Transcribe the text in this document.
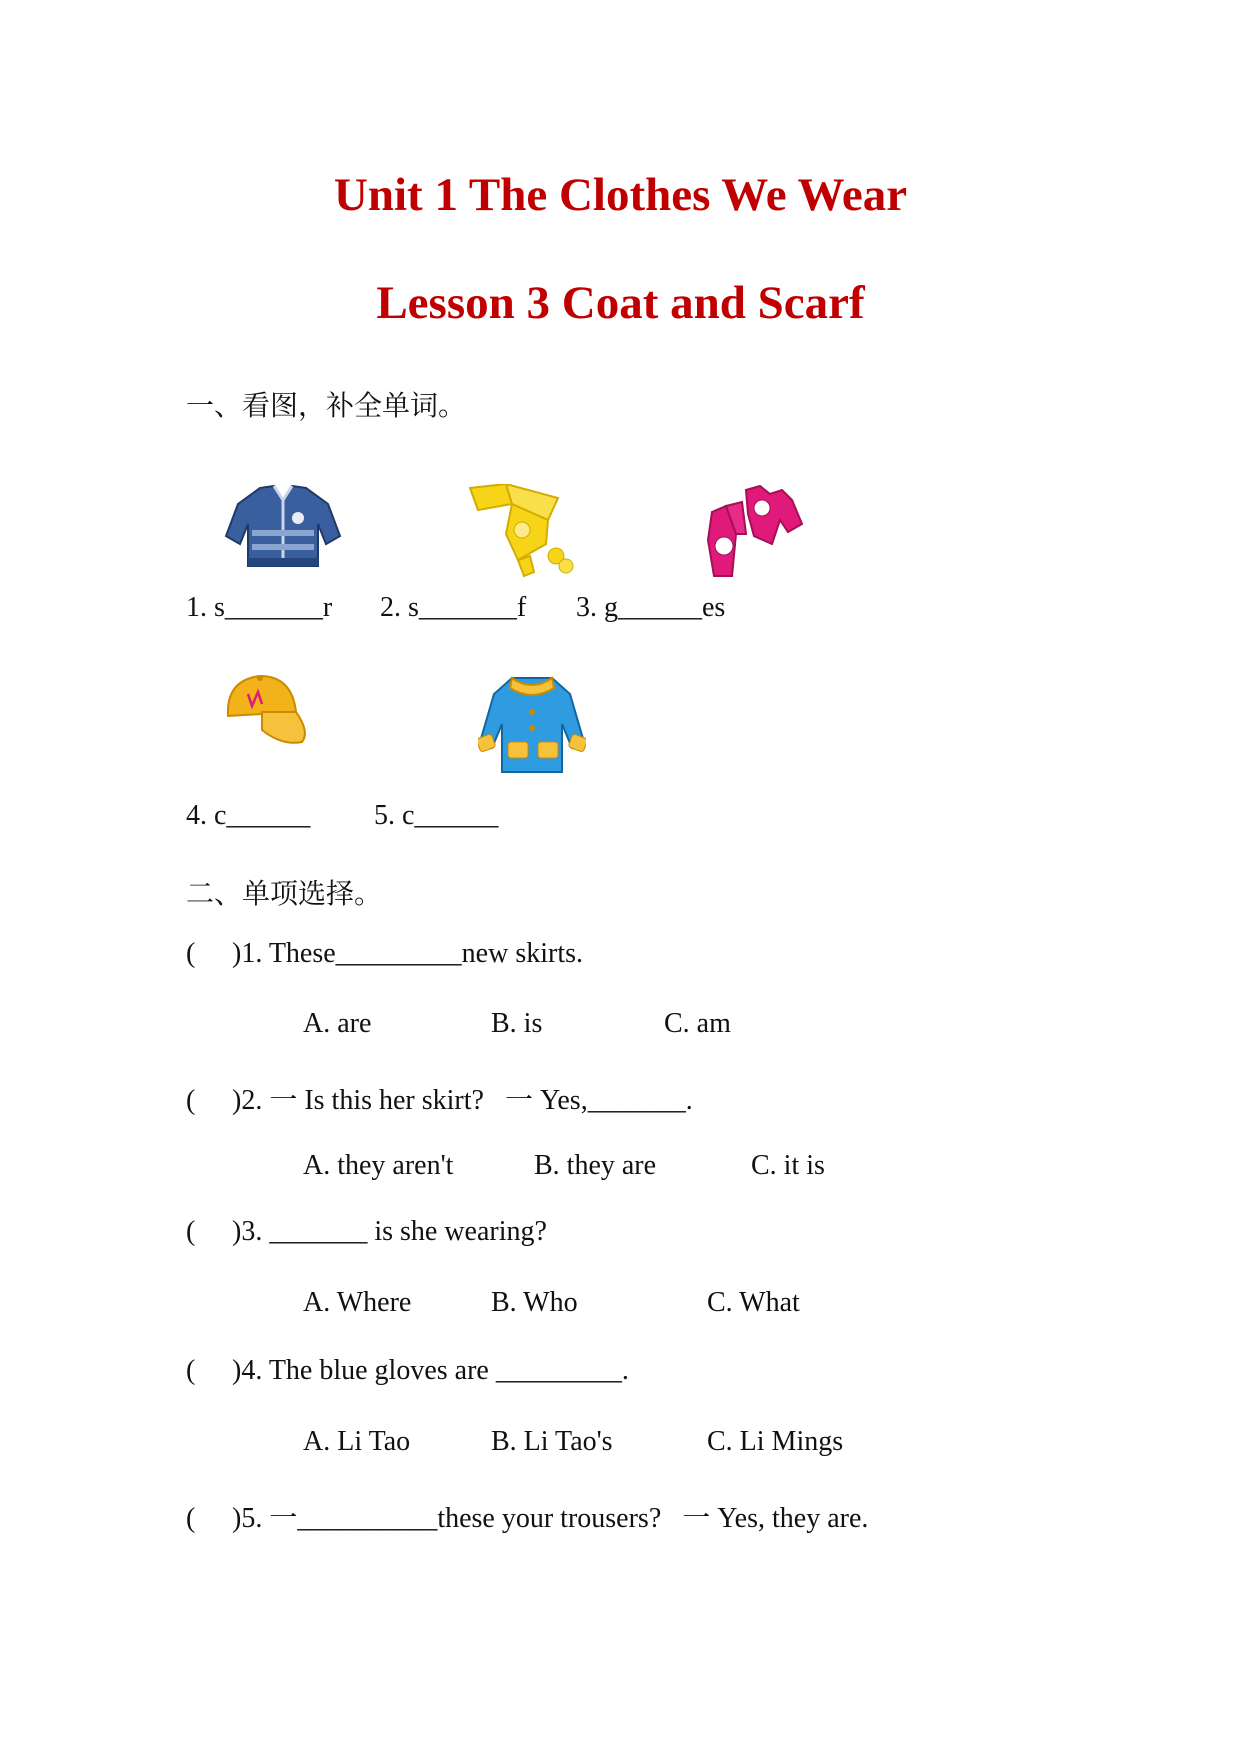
Unit 1 The Clothes We Wear
Lesson 3 Coat and Scarf

一、看图，补全单词。

1. s_______r 2. s_______f 3. g______es
4. c______ 5. c______

二、单项选择。

( )1. These_________new skirts.
A. are	B. is	C. am
( )2. 一 Is this her skirt?   一 Yes,_______.
A. they aren't	B. they are	C. it is
( )3. _______ is she wearing?
A. Where	B. Who	C. What
( )4. The blue gloves are _________.
A. Li Tao	B. Li Tao's	C. Li Mings
( )5. 一__________these your trousers?   一 Yes, they are.
